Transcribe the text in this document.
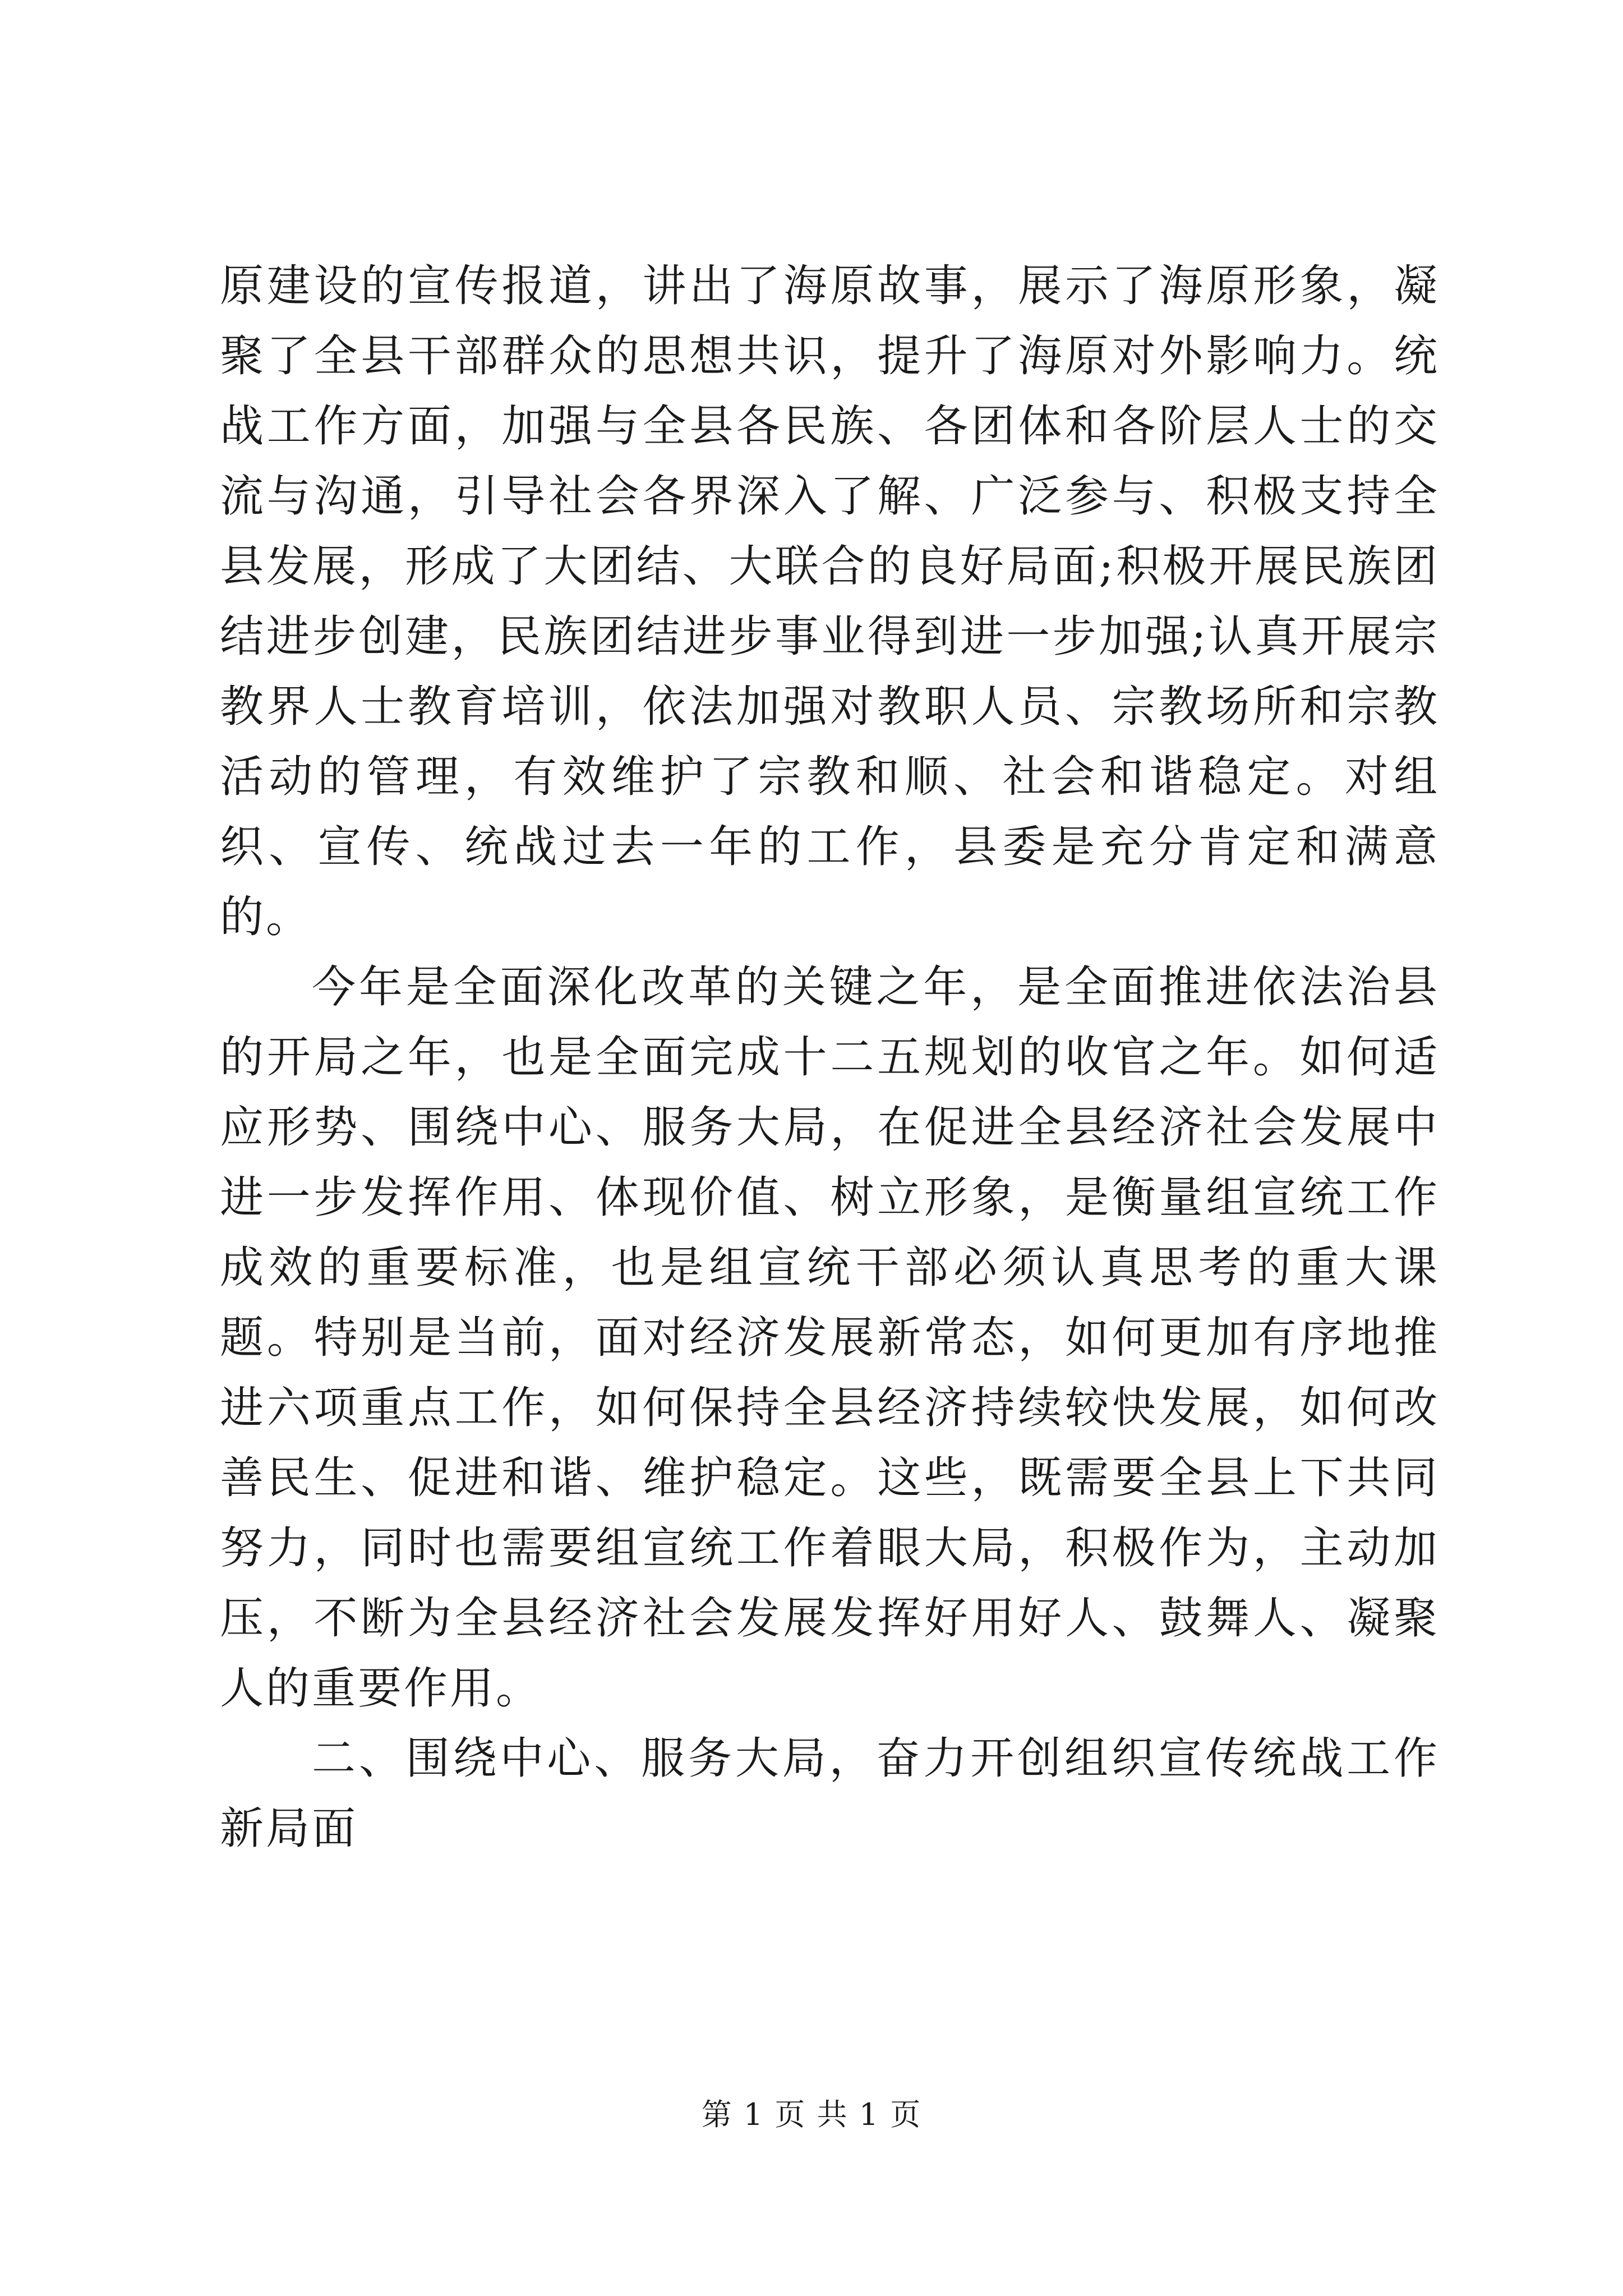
原建设的宣传报道，讲出了海原故事，展示了海原形象，凝聚了全县干部群众的思想共识，提升了海原对外影响力。统战工作方面，加强与全县各民族、各团体和各阶层人士的交流与沟通，引导社会各界深入了解、广泛参与、积极支持全县发展，形成了大团结、大联合的良好局面;积极开展民族团结进步创建，民族团结进步事业得到进一步加强;认真开展宗教界人士教育培训，依法加强对教职人员、宗教场所和宗教活动的管理，有效维护了宗教和顺、社会和谐稳定。对组织、宣传、统战过去一年的工作，县委是充分肯定和满意的。

今年是全面深化改革的关键之年，是全面推进依法治县的开局之年，也是全面完成十二五规划的收官之年。如何适应形势、围绕中心、服务大局，在促进全县经济社会发展中进一步发挥作用、体现价值、树立形象，是衡量组宣统工作成效的重要标准，也是组宣统干部必须认真思考的重大课题。特别是当前，面对经济发展新常态，如何更加有序地推进六项重点工作，如何保持全县经济持续较快发展，如何改善民生、促进和谐、维护稳定。这些，既需要全县上下共同努力，同时也需要组宣统工作着眼大局，积极作为，主动加压，不断为全县经济社会发展发挥好用好人、鼓舞人、凝聚人的重要作用。

二、围绕中心、服务大局，奋力开创组织宣传统战工作新局面

第 1 页 共 1 页
